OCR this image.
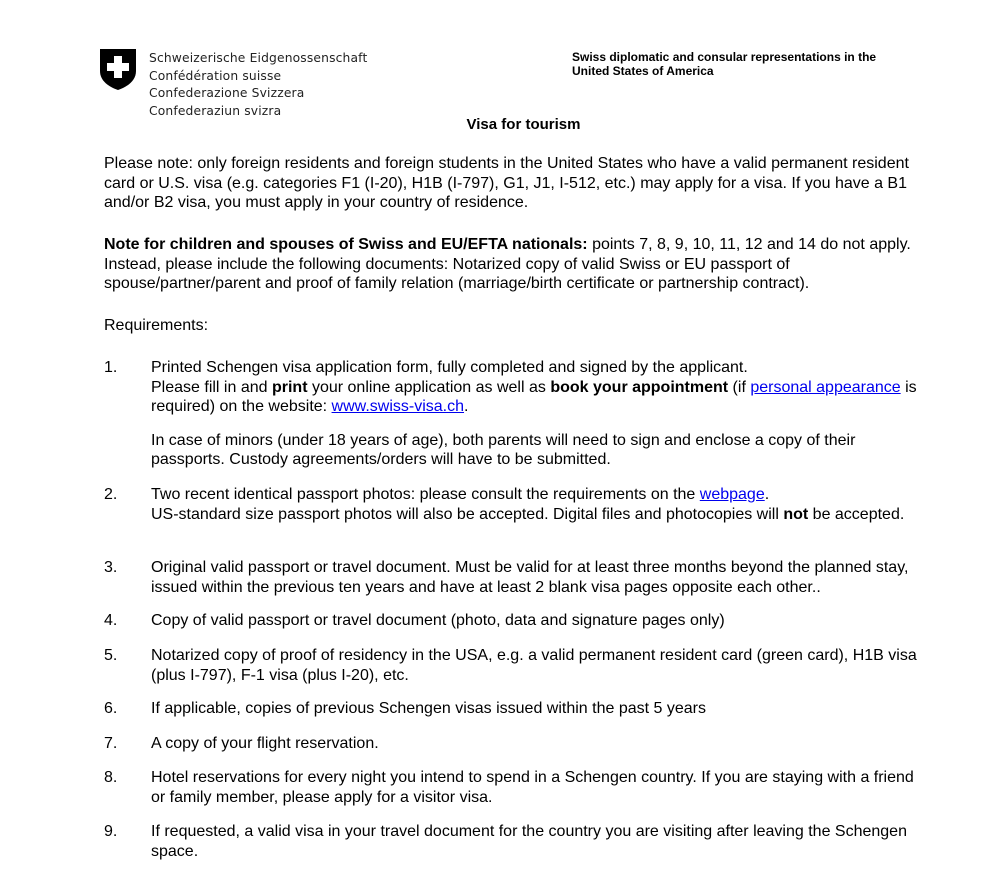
Schweizerische Eidgenossenschaft
Confédération suisse
Confederazione Svizzera
Confederaziun svizra
Swiss diplomatic and consular representations in the
United States of America
Visa for tourism
Please note: only foreign residents and foreign students in the United States who have a valid permanent resident card or U.S. visa (e.g. categories F1 (I-20), H1B (I-797), G1, J1, I-512, etc.) may apply for a visa. If you have a B1 and/or B2 visa, you must apply in your country of residence.
Note for children and spouses of Swiss and EU/EFTA nationals: points 7, 8, 9, 10, 11, 12 and 14 do not apply. Instead, please include the following documents: Notarized copy of valid Swiss or EU passport of spouse/partner/parent and proof of family relation (marriage/birth certificate or partnership contract).
Requirements:
1. Printed Schengen visa application form, fully completed and signed by the applicant.
Please fill in and print your online application as well as book your appointment (if personal appearance is required) on the website: www.swiss-visa.ch.
In case of minors (under 18 years of age), both parents will need to sign and enclose a copy of their passports. Custody agreements/orders will have to be submitted.
2. Two recent identical passport photos: please consult the requirements on the webpage.
US-standard size passport photos will also be accepted. Digital files and photocopies will not be accepted.
3. Original valid passport or travel document. Must be valid for at least three months beyond the planned stay, issued within the previous ten years and have at least 2 blank visa pages opposite each other..
4. Copy of valid passport or travel document (photo, data and signature pages only)
5. Notarized copy of proof of residency in the USA, e.g. a valid permanent resident card (green card), H1B visa (plus I-797), F-1 visa (plus I-20), etc.
6. If applicable, copies of previous Schengen visas issued within the past 5 years
7. A copy of your flight reservation.
8. Hotel reservations for every night you intend to spend in a Schengen country. If you are staying with a friend or family member, please apply for a visitor visa.
9. If requested, a valid visa in your travel document for the country you are visiting after leaving the Schengen space.
